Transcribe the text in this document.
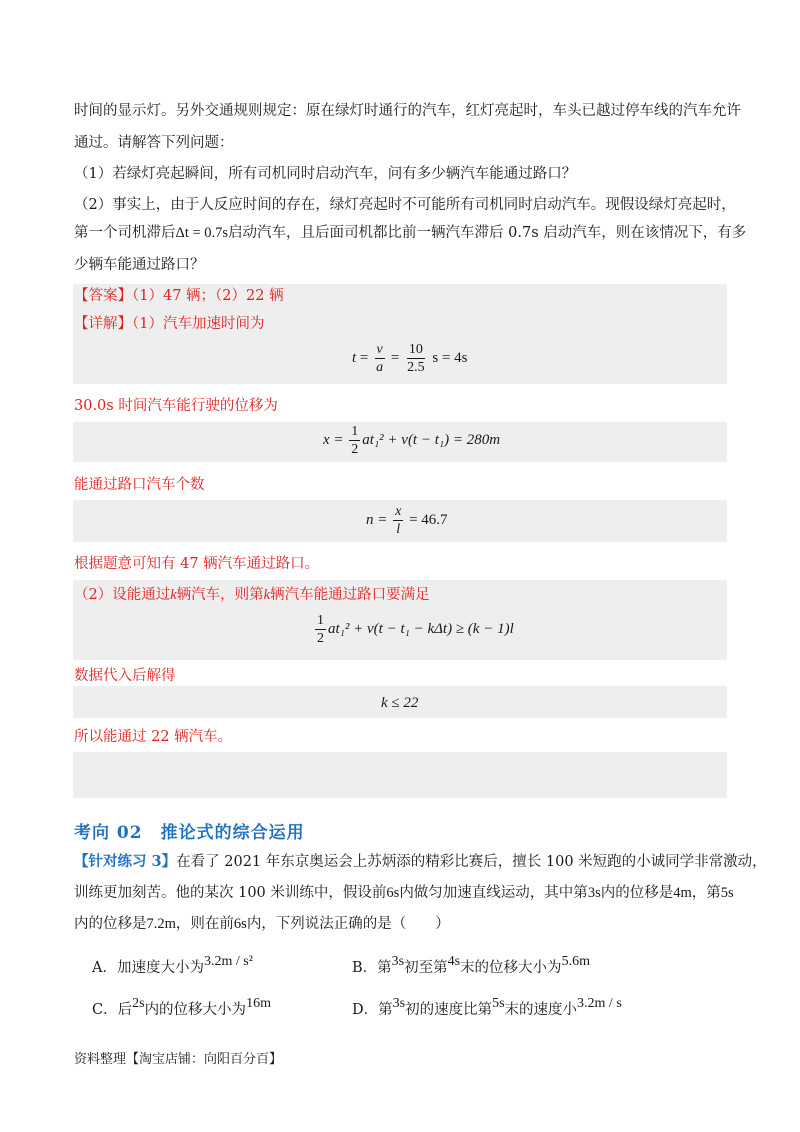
时间的显示灯。另外交通规则规定：原在绿灯时通行的汽车，红灯亮起时，车头已越过停车线的汽车允许
通过。请解答下列问题：
（1）若绿灯亮起瞬间，所有司机同时启动汽车，问有多少辆汽车能通过路口？
（2）事实上，由于人反应时间的存在，绿灯亮起时不可能所有司机同时启动汽车。现假设绿灯亮起时，
第一个司机滞后Δt = 0.7s启动汽车，且后面司机都比前一辆汽车滞后 0.7s 启动汽车，则在该情况下，有多
少辆车能通过路口？
【答案】（1）47 辆；（2）22 辆
【详解】（1）汽车加速时间为
$t = \frac{v}{a} = \frac{10}{2.5}$ s = 4s
30.0s 时间汽车能行驶的位移为
$x = \frac{1}{2} at_1^2 + v(t - t_1) = 280m$
能通过路口汽车个数
$n = \frac{x}{l} = 46.7$
根据题意可知有 47 辆汽车通过路口。
（2）设能通过k辆汽车，则第k辆汽车能通过路口要满足
$\frac{1}{2} at_1^2 + v(t - t_1 - k\Delta t) \ge (k - 1)l$
数据代入后解得
k ≤ 22
所以能通过 22 辆汽车。
考向 02　推论式的综合运用
【针对练习 3】在看了 2021 年东京奥运会上苏炳添的精彩比赛后，擅长 100 米短跑的小诚同学非常激动，
训练更加刻苦。他的某次 100 米训练中，假设前6s内做匀加速直线运动，其中第3s内的位移是4m，第5s
内的位移是7.2m，则在前6s内，下列说法正确的是（　　）
A．加速度大小为3.2m / s²	B．第3s初至第4s末的位移大小为5.6m
C．后2s内的位移大小为16m	D．第3s初的速度比第5s末的速度小3.2m / s
资料整理【淘宝店铺：向阳百分百】
